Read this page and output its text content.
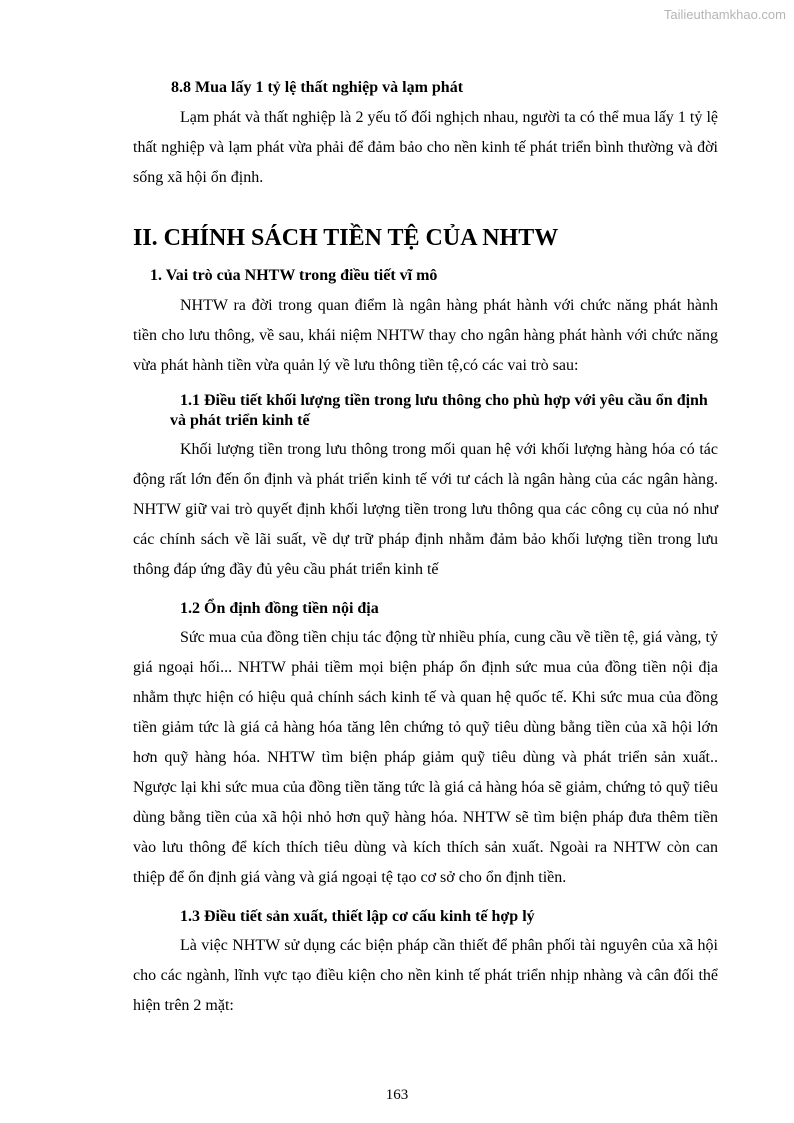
Tailieuthamkhao.com
8.8 Mua lấy 1 tỷ lệ thất nghiệp và lạm phát

Lạm phát và thất nghiệp là 2 yếu tố đối nghịch nhau, người ta có thể mua lấy 1 tỷ lệ thất nghiệp và lạm phát vừa phải để đảm bảo cho nền kinh tế phát triển bình thường và đời sống xã hội ổn định.

II. CHÍNH SÁCH TIỀN TỆ CỦA NHTW
1. Vai trò của NHTW trong điều tiết vĩ mô

NHTW ra đời trong quan điểm là ngân hàng phát hành với chức năng phát hành tiền cho lưu thông, về sau, khái niệm NHTW thay cho ngân hàng phát hành với chức năng vừa phát hành tiền vừa quản lý về lưu thông tiền tệ,có các vai trò sau:

1.1 Điều tiết khối lượng tiền trong lưu thông cho phù hợp với yêu cầu ổn định và phát triển kinh tế

Khối lượng tiền trong lưu thông trong mối quan hệ với khối lượng hàng hóa có tác động rất lớn đến ổn định và phát triển kinh tế với tư cách là ngân hàng của các ngân hàng. NHTW giữ vai trò quyết định khối lượng tiền trong lưu thông qua các công cụ của nó như các chính sách về lãi suất, về dự trữ pháp định nhằm đảm bảo khối lượng tiền trong lưu thông đáp ứng đầy đủ yêu cầu phát triển kinh tế

1.2 Ổn định đồng tiền nội địa

Sức mua của đồng tiền chịu tác động từ nhiều phía, cung cầu về tiền tệ, giá vàng, tỷ giá ngoại hối... NHTW phải tiềm mọi biện pháp ổn định sức mua của đồng tiền nội địa nhằm thực hiện có hiệu quả chính sách kinh tế và quan hệ quốc tế. Khi sức mua của đồng tiền giảm tức là giá cả hàng hóa tăng lên chứng tỏ quỹ tiêu dùng bằng tiền của xã hội lớn hơn quỹ hàng hóa. NHTW tìm biện pháp giảm quỹ tiêu dùng và phát triển sản xuất.. Ngược lại khi sức mua của đồng tiền tăng tức là giá cả hàng hóa sẽ giảm, chứng tỏ quỹ tiêu dùng bằng tiền của xã hội nhỏ hơn quỹ hàng hóa. NHTW sẽ tìm biện pháp đưa thêm tiền vào lưu thông để kích thích tiêu dùng và kích thích sản xuất. Ngoài ra NHTW còn can thiệp để ổn định giá vàng và giá ngoại tệ tạo cơ sở cho ổn định tiền.

1.3 Điều tiết sản xuất, thiết lập cơ cấu kinh tế hợp lý

Là việc NHTW sử dụng các biện pháp cần thiết để phân phối tài nguyên của xã hội cho các ngành, lĩnh vực tạo điều kiện cho nền kinh tế phát triển nhịp nhàng và cân đối thể hiện trên 2 mặt:

163
